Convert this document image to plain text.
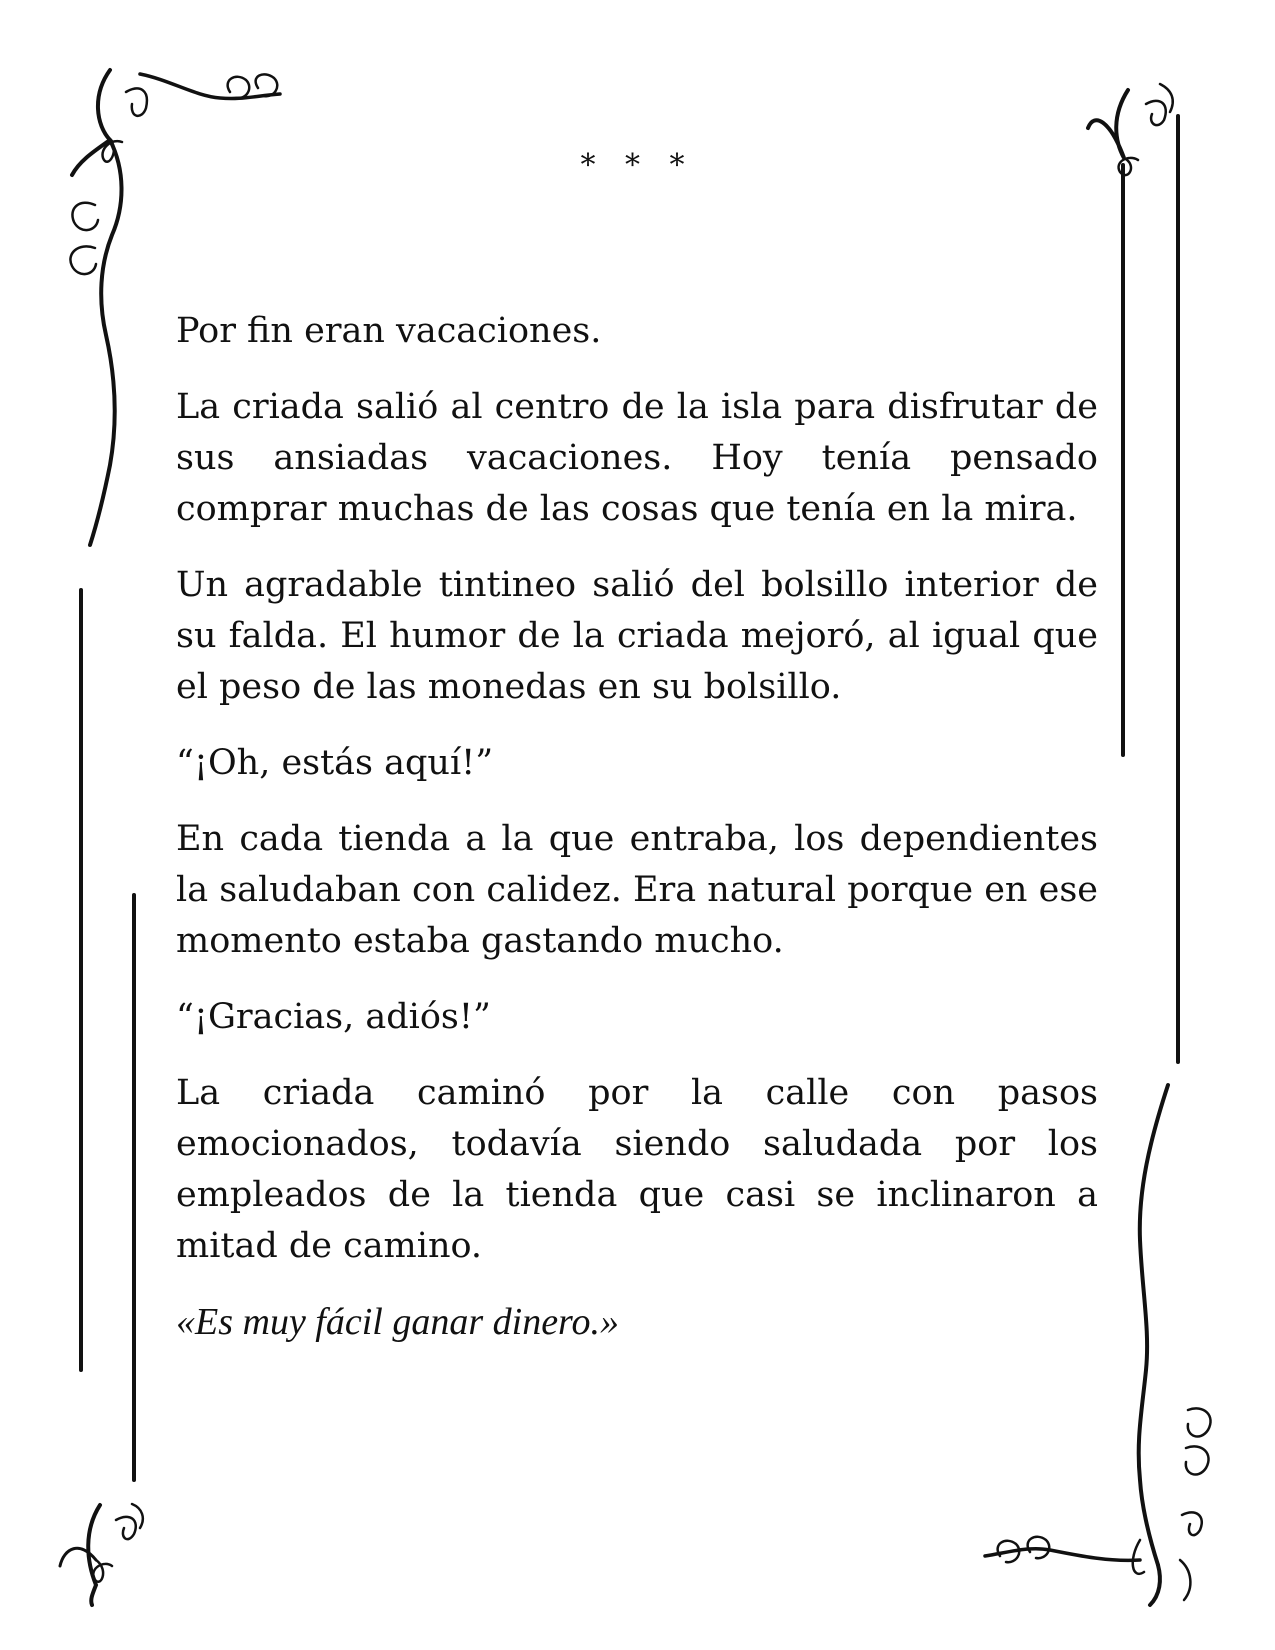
* * *

Por fin eran vacaciones.

La criada salió al centro de la isla para disfrutar de sus ansiadas vacaciones. Hoy tenía pensado comprar muchas de las cosas que tenía en la mira.

Un agradable tintineo salió del bolsillo interior de su falda. El humor de la criada mejoró, al igual que el peso de las monedas en su bolsillo.

“¡Oh, estás aquí!”

En cada tienda a la que entraba, los dependientes la saludaban con calidez. Era natural porque en ese momento estaba gastando mucho.

“¡Gracias, adiós!”

La criada caminó por la calle con pasos emocionados, todavía siendo saludada por los empleados de la tienda que casi se inclinaron a mitad de camino.

«Es muy fácil ganar dinero.»
